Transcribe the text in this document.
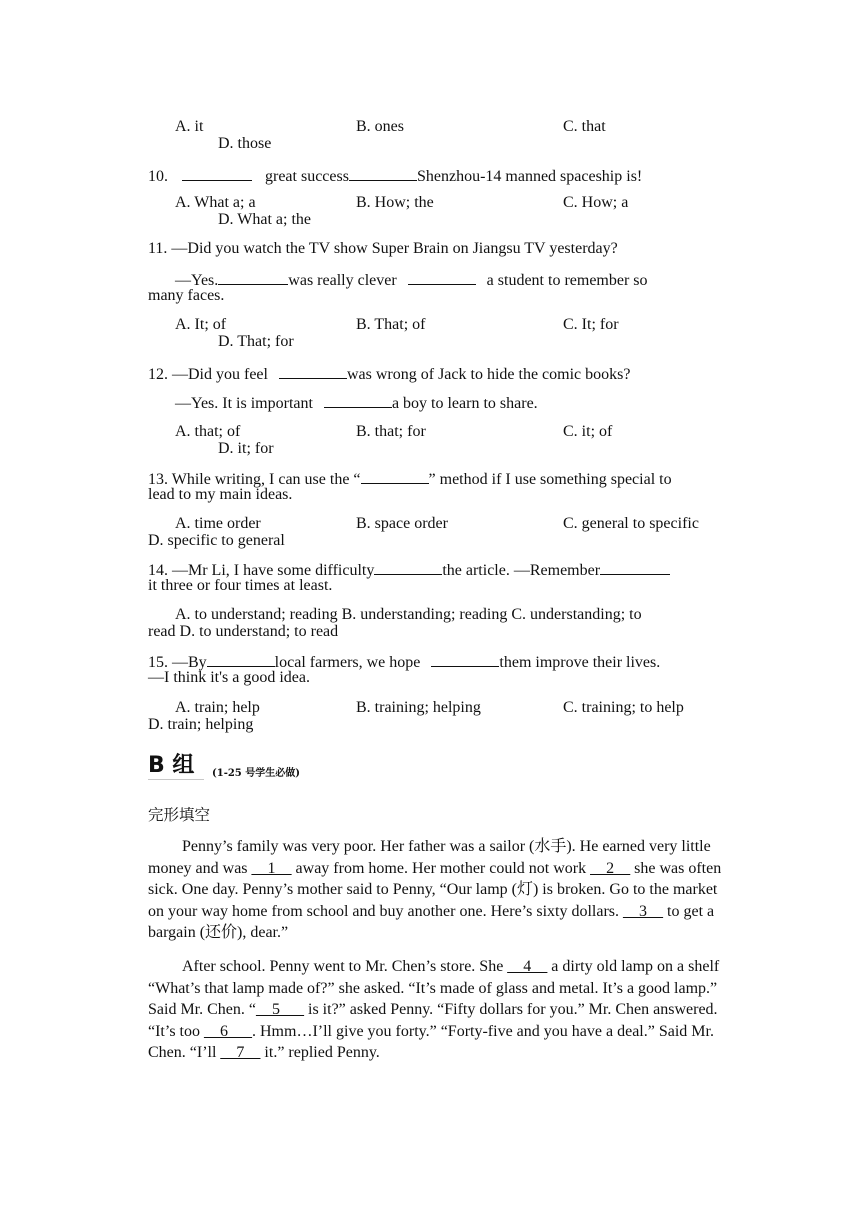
A. it	B. ones	C. that
D. those
10.	great success	Shenzhou-14 manned spaceship is!
A. What a; a	B. How; the	C. How; a
D. What a; the
11. —Did you watch the TV show Super Brain on Jiangsu TV yesterday?
—Yes.	was really clever	a student to remember so
many faces.
A. It; of	B. That; of	C. It; for
D. That; for
12. —Did you feel	was wrong of Jack to hide the comic books?
—Yes. It is important	a boy to learn to share.
A. that; of	B. that; for	C. it; of
D. it; for
13. While writing, I can use the “	” method if I use something special to
lead to my main ideas.
A. time order	B. space order	C. general to specific
D. specific to general
14. —Mr Li, I have some difficulty	the article. —Remember
it three or four times at least.
A. to understand; reading B. understanding; reading C. understanding; to
read D. to understand; to read
15. —By	local farmers, we hope	them improve their lives.
—I think it's a good idea.
A. train; help	B. training; helping	C. training; to help
D. train; helping
B 组 (1-25 号学生必做)
完形填空
Penny’s family was very poor. Her father was a sailor (水手). He earned very little money and was __1__ away from home. Her mother could not work __2__ she was often sick. One day. Penny’s mother said to Penny, “Our lamp (灯) is broken. Go to the market on your way home from school and buy another one. Here’s sixty dollars. __3__ to get a bargain (还价), dear.”
After school. Penny went to Mr. Chen’s store. She __4__ a dirty old lamp on a shelf “What’s that lamp made of?” she asked. “It’s made of glass and metal. It’s a good lamp.” Said Mr. Chen. “__5___ is it?” asked Penny. “Fifty dollars for you.” Mr. Chen answered. “It’s too __6___. Hmm…I’ll give you forty.” “Forty-five and you have a deal.” Said Mr. Chen. “I’ll __7__ it.” replied Penny.
